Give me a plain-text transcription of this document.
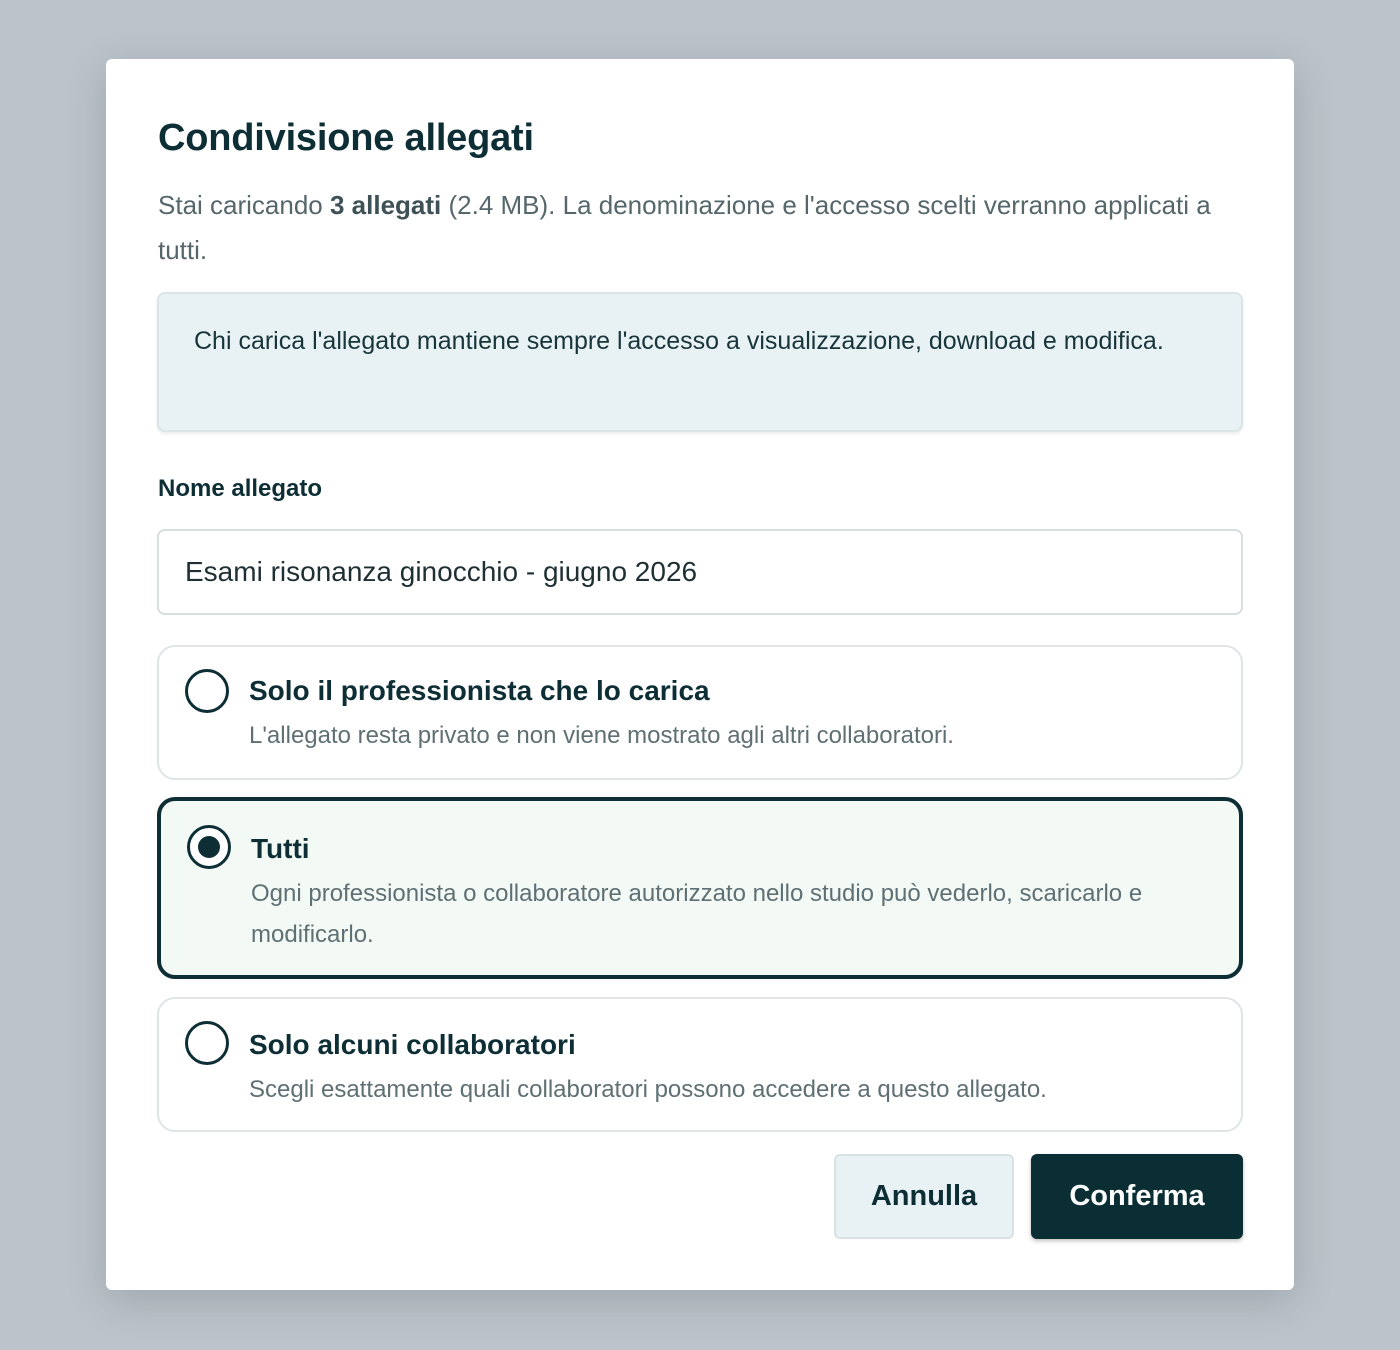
Condivisione allegati

Stai caricando 3 allegati (2.4 MB). La denominazione e l'accesso scelti verranno applicati a tutti.

Chi carica l'allegato mantiene sempre l'accesso a visualizzazione, download e modifica.
Nome allegato
Esami risonanza ginocchio - giugno 2026
Solo il professionista che lo carica
L'allegato resta privato e non viene mostrato agli altri collaboratori.
Tutti
Ogni professionista o collaboratore autorizzato nello studio può vederlo, scaricarlo e modificarlo.
Solo alcuni collaboratori
Scegli esattamente quali collaboratori possono accedere a questo allegato.
Annulla	Conferma
